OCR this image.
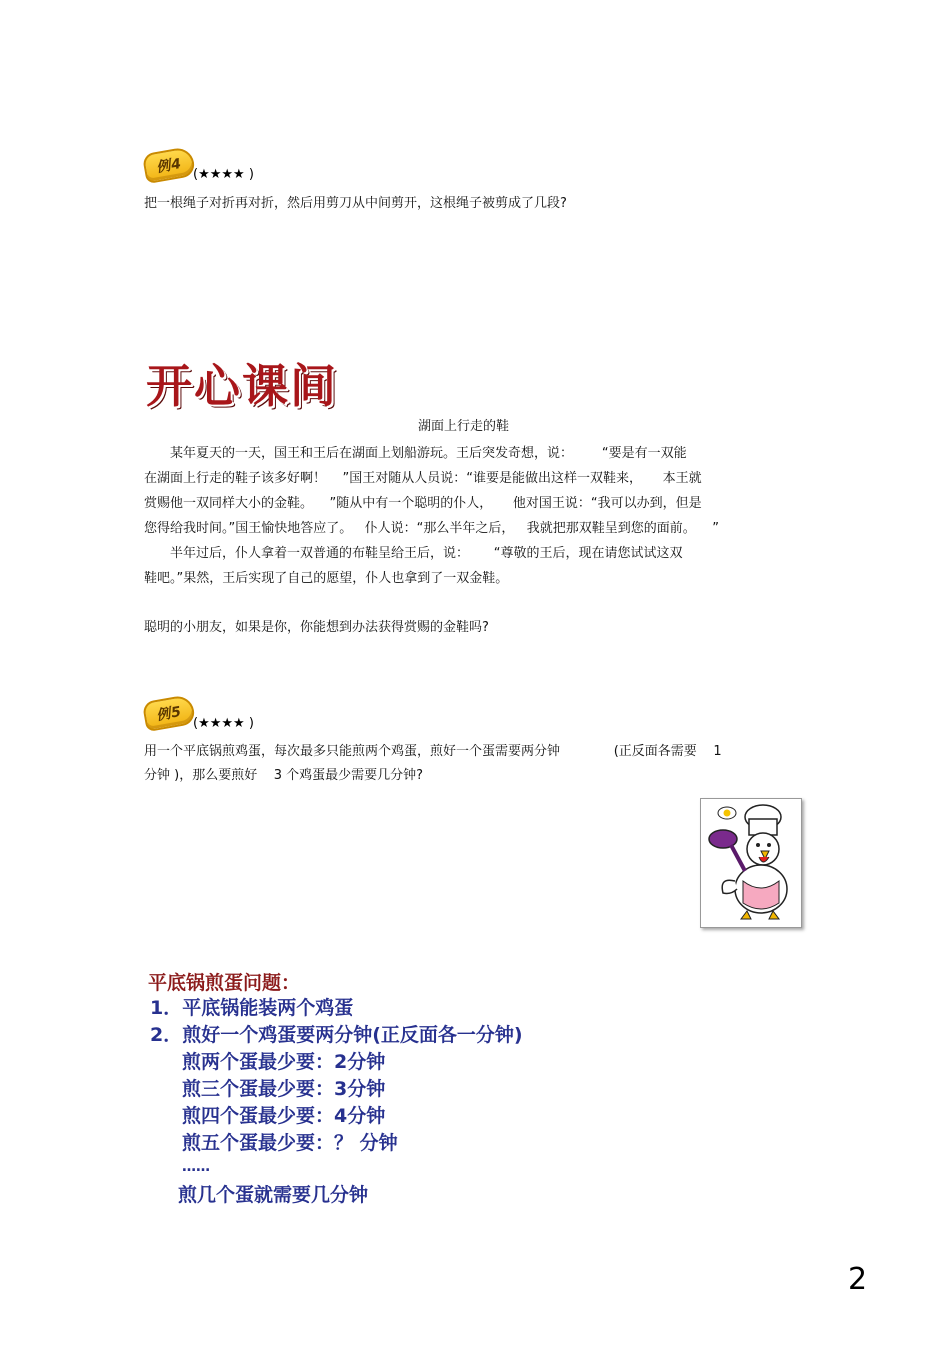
例4 (★★★★ )
把一根绳子对折再对折，然后用剪刀从中间剪开，这根绳子被剪成了几段?
开心课间
湖面上行走的鞋
某年夏天的一天，国王和王后在湖面上划船游玩。王后突发奇想，说：       “要是有一双能
在湖面上行走的鞋子该多好啊！    ”国王对随从人员说：“谁要是能做出这样一双鞋来，     本王就
赏赐他一双同样大小的金鞋。    ”随从中有一个聪明的仆人，     他对国王说：“我可以办到，但是
您得给我时间。”国王愉快地答应了。   仆人说：“那么半年之后，   我就把那双鞋呈到您的面前。    ”
半年过后，仆人拿着一双普通的布鞋呈给王后，说：      “尊敬的王后，现在请您试试这双
鞋吧。”果然，王后实现了自己的愿望，仆人也拿到了一双金鞋。
聪明的小朋友，如果是你，你能想到办法获得赏赐的金鞋吗?
例5 (★★★★ )
用一个平底锅煎鸡蛋，每次最多只能煎两个鸡蛋，煎好一个蛋需要两分钟             (正反面各需要    1
分钟 )，那么要煎好    3 个鸡蛋最少需要几分钟?
平底锅煎蛋问题：
1．平底锅能装两个鸡蛋
2．煎好一个鸡蛋要两分钟(正反面各一分钟)
煎两个蛋最少要：2分钟
煎三个蛋最少要：3分钟
煎四个蛋最少要：4分钟
煎五个蛋最少要：？ 分钟
……
煎几个蛋就需要几分钟
2
